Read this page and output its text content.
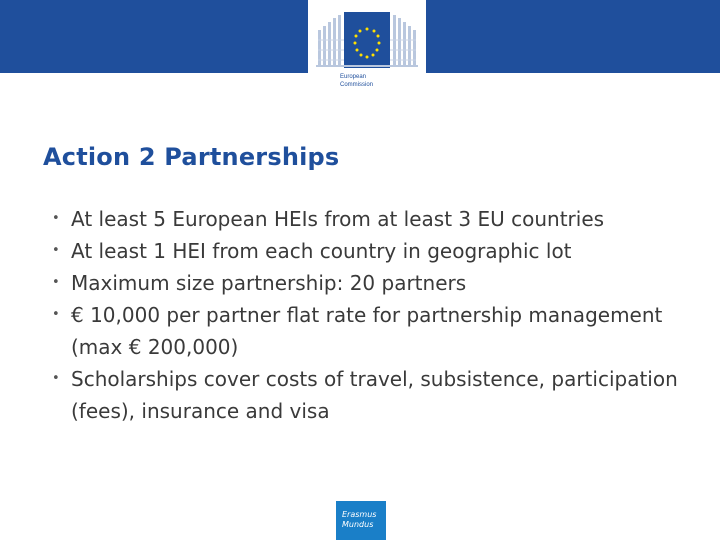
European
Commission
Action 2 Partnerships
• At least 5 European HEIs from at least 3 EU countries
• At least 1 HEI from each country in geographic lot
• Maximum size partnership: 20 partners
• € 10,000 per partner flat rate for partnership management (max € 200,000)
• Scholarships cover costs of travel, subsistence, participation (fees), insurance and visa
Erasmus
Mundus
